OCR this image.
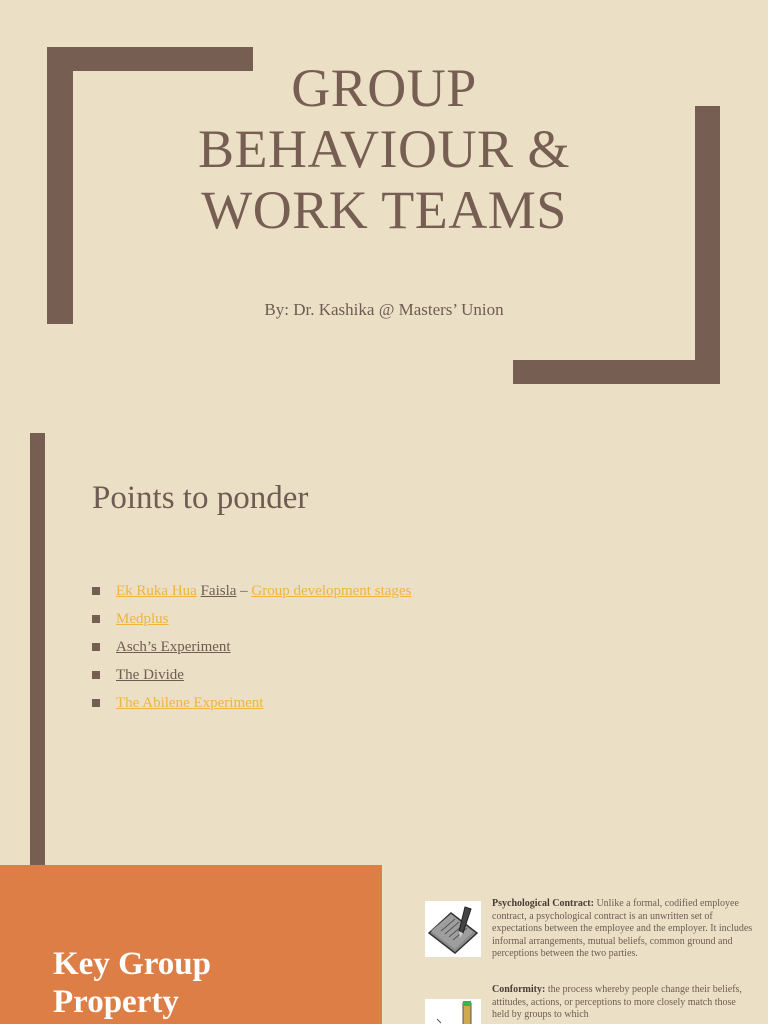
GROUP
BEHAVIOUR &
WORK TEAMS
By: Dr. Kashika @ Masters’ Union
Points to ponder
Ek Ruka Hua
Faisla – Group development stages
Medplus
Asch’s Experiment
The Divide
The Abilene Experiment
Key Group
Property
Psychological Contract: Unlike a formal, codified employee contract, a psychological contract is an unwritten set of expectations between the employee and the employer. It includes informal arrangements, mutual beliefs, common ground and perceptions between the two parties.
Conformity: the process whereby people change their beliefs, attitudes, actions, or perceptions to more closely match those held by groups to which
